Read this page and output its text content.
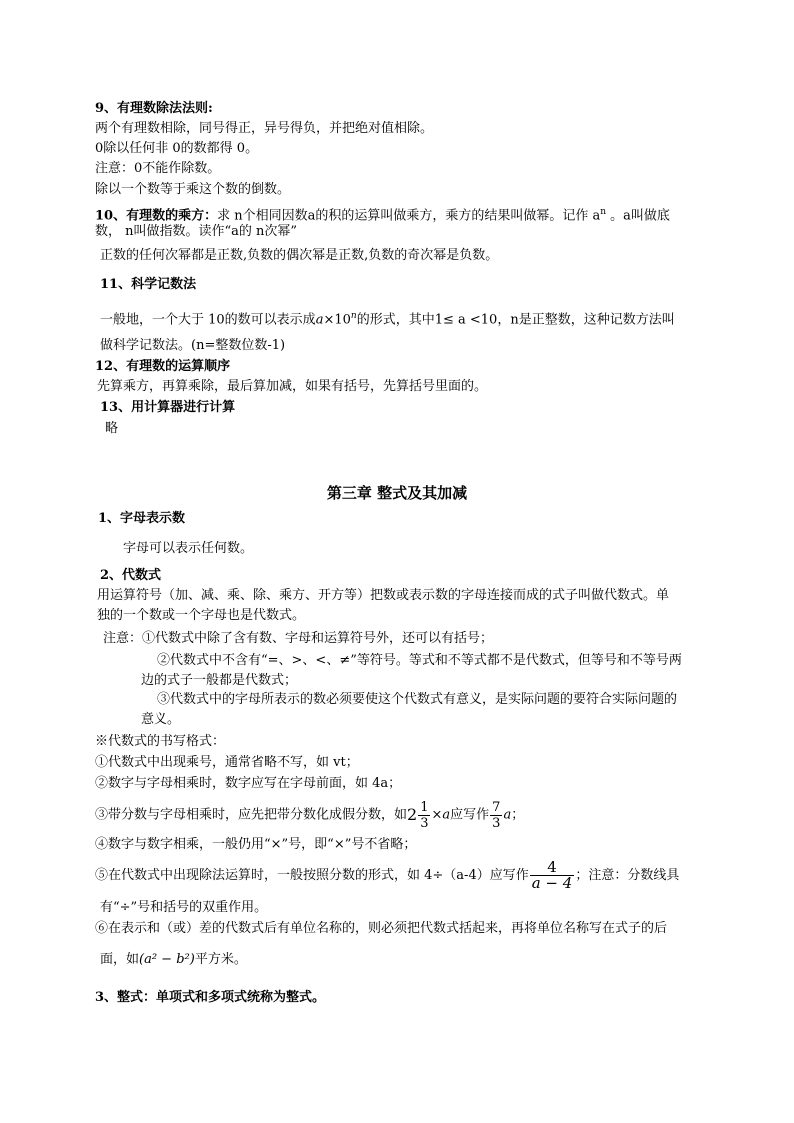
9、有理数除法法则:
两个有理数相除，同号得正，异号得负，并把绝对值相除。
0除以任何非 0的数都得 0。
注意：0不能作除数。
除以一个数等于乘这个数的倒数。
10、有理数的乘方：求 n个相同因数a的积的运算叫做乘方，乘方的结果叫做幂。记作 $a^n$ 。a叫做底
数， n叫做指数。读作“a的 n次幂”
正数的任何次幂都是正数,负数的偶次幂是正数,负数的奇次幂是负数。
11、科学记数法
一般地，一个大于 10的数可以表示成$a\times 10^n$的形式，其中1≤ a <10，n是正整数，这种记数方法叫
做科学记数法。(n=整数位数-1)
12、有理数的运算顺序
先算乘方，再算乘除，最后算加减，如果有括号，先算括号里面的。
13、用计算器进行计算
略
第三章 整式及其加减
1、字母表示数
字母可以表示任何数。
2、代数式
用运算符号（加、减、乘、除、乘方、开方等）把数或表示数的字母连接而成的式子叫做代数式。单
独的一个数或一个字母也是代数式。
注意：①代数式中除了含有数、字母和运算符号外，还可以有括号；
②代数式中不含有“=、>、<、≠”等符号。等式和不等式都不是代数式，但等号和不等号两
边的式子一般都是代数式；
③代数式中的字母所表示的数必须要使这个代数式有意义，是实际问题的要符合实际问题的
意义。
※代数式的书写格式：
①代数式中出现乘号，通常省略不写，如 vt；
②数字与字母相乘时，数字应写在字母前面，如 4a；
③带分数与字母相乘时，应先把带分数化成假分数，如$2 \frac{1}{3} \times a$应写作 $\frac{7}{3}$ a；
④数字与数字相乘，一般仍用“×”号，即“×”号不省略；
⑤在代数式中出现除法运算时，一般按照分数的形式，如 4÷（a-4）应写作 $\frac{4}{a - 4}$ ；注意：分数线具
有“÷”号和括号的双重作用。
⑥在表示和（或）差的代数式后有单位名称的，则必须把代数式括起来，再将单位名称写在式子的后
面，如(a² − b²)平方米。
3、整式：单项式和多项式统称为整式。
